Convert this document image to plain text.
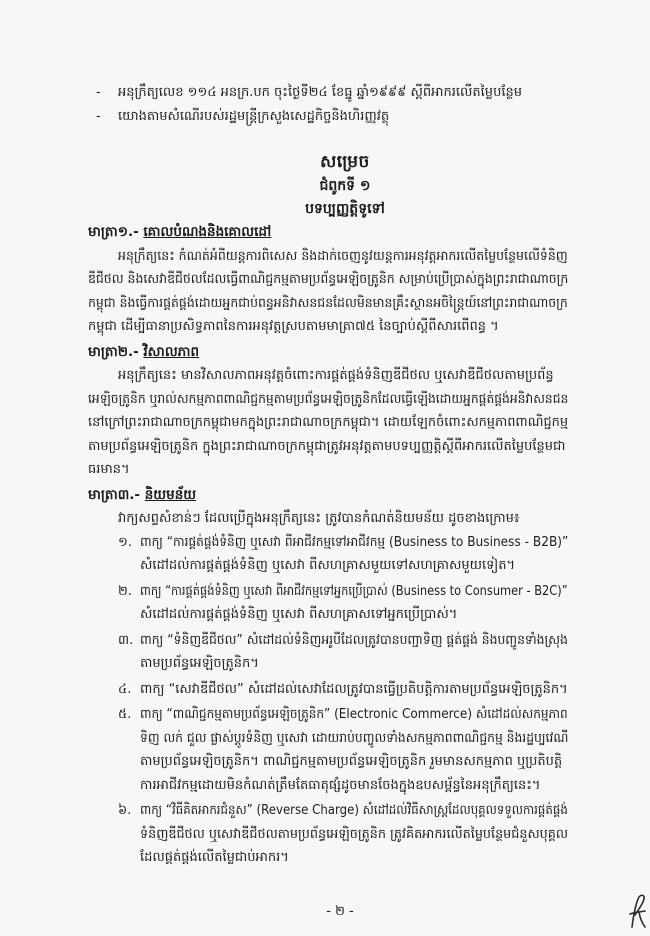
- អនុក្រឹត្យលេខ ១១៤ អនក្រ.បក ចុះថ្ងៃទី២៤ ខែធ្នូ ឆ្នាំ១៩៩៩ ស្តីពីអាករលើតម្លៃបន្ថែម
- យោងតាមសំណើរបស់រដ្ឋមន្ត្រីក្រសួងសេដ្ឋកិច្ចនិងហិរញ្ញវត្ថុ
សម្រេច
ជំពូកទី ១
បទប្បញ្ញត្តិទូទៅ
មាត្រា១.- គោលបំណងនិងគោលដៅ
អនុក្រឹត្យនេះ កំណត់អំពីយន្តការពិសេស និងដាក់ចេញនូវយន្តការអនុវត្តអាករលើតម្លៃបន្ថែមលើទំនិញ
ឌីជីថល និងសេវាឌីជីថលដែលធ្វើពាណិជ្ជកម្មតាមប្រព័ន្ធអេឡិចត្រូនិក សម្រាប់ប្រើប្រាស់ក្នុងព្រះរាជាណាចក្រ
កម្ពុជា និងធ្វើការផ្គត់ផ្គង់ដោយអ្នកជាប់ពន្ធអនិវាសនជនដែលមិនមានគ្រឹះស្ថានអចិន្ត្រៃយ៍នៅព្រះរាជាណាចក្រ
កម្ពុជា ដើម្បីធានាប្រសិទ្ធភាពនៃការអនុវត្តស្របតាមមាត្រា៧៥ នៃច្បាប់ស្តីពីសារពើពន្ធ ។
មាត្រា២.- វិសាលភាព
អនុក្រឹត្យនេះ មានវិសាលភាពអនុវត្តចំពោះការផ្គត់ផ្គង់ទំនិញឌីជីថល ឬសេវាឌីជីថលតាមប្រព័ន្ធ
អេឡិចត្រូនិក ឬរាល់សកម្មភាពពាណិជ្ជកម្មតាមប្រព័ន្ធអេឡិចត្រូនិកដែលធ្វើឡើងដោយអ្នកផ្គត់ផ្គង់អនិវាសនជន
នៅក្រៅព្រះរាជាណាចក្រកម្ពុជាមកក្នុងព្រះរាជាណាចក្រកម្ពុជា។ ដោយឡែកចំពោះសកម្មភាពពាណិជ្ជកម្ម
តាមប្រព័ន្ធអេឡិចត្រូនិក ក្នុងព្រះរាជាណាចក្រកម្ពុជាត្រូវអនុវត្តតាមបទប្បញ្ញត្តិស្តីពីអាករលើតម្លៃបន្ថែមជា
ធរមាន។
មាត្រា៣.- និយមន័យ
វាក្យសព្ទសំខាន់ៗ ដែលប្រើក្នុងអនុក្រឹត្យនេះ ត្រូវបានកំណត់និយមន័យ ដូចខាងក្រោម៖
១. ពាក្យ “ការផ្គត់ផ្គង់ទំនិញ ឬសេវា ពីអាជីវកម្មទៅអាជីវកម្ម (Business to Business - B2B)”
សំដៅដល់ការផ្គត់ផ្គង់ទំនិញ ឬសេវា ពីសហគ្រាសមួយទៅសហគ្រាសមួយទៀត។
២. ពាក្យ “ការផ្គត់ផ្គង់ទំនិញ ឬសេវា ពីអាជីវកម្មទៅអ្នកប្រើប្រាស់ (Business to Consumer - B2C)”
សំដៅដល់ការផ្គត់ផ្គង់ទំនិញ ឬសេវា ពីសហគ្រាសទៅអ្នកប្រើប្រាស់។
៣. ពាក្យ “ទំនិញឌីជីថល” សំដៅដល់ទំនិញអរូបីដែលត្រូវបានបញ្ជាទិញ ផ្គត់ផ្គង់ និងបញ្ជូនទាំងស្រុង
តាមប្រព័ន្ធអេឡិចត្រូនិក។
៤. ពាក្យ “សេវាឌីជីថល” សំដៅដល់សេវាដែលត្រូវបានធ្វើប្រតិបត្តិការតាមប្រព័ន្ធអេឡិចត្រូនិក។
៥. ពាក្យ “ពាណិជ្ជកម្មតាមប្រព័ន្ធអេឡិចត្រូនិក” (Electronic Commerce) សំដៅដល់សកម្មភាព
ទិញ លក់ ជួល ផ្លាស់ប្តូរទំនិញ ឬសេវា ដោយរាប់បញ្ចូលទាំងសកម្មភាពពាណិជ្ជកម្ម និងរដ្ឋប្បវេណី
តាមប្រព័ន្ធអេឡិចត្រូនិក។ ពាណិជ្ជកម្មតាមប្រព័ន្ធអេឡិចត្រូនិក រួមមានសកម្មភាព ឬប្រតិបត្តិ
ការអាជីវកម្មដោយមិនកំណត់ត្រឹមតែធាតុផ្សំដូចមានចែងក្នុងឧបសម្ព័ន្ធនៃអនុក្រឹត្យនេះ។
៦. ពាក្យ “វិធីគិតអាករជំនួស” (Reverse Charge) សំដៅដល់វិធីសាស្ត្រដែលបុគ្គលទទួលការផ្គត់ផ្គង់
ទំនិញឌីជីថល ឬសេវាឌីជីថលតាមប្រព័ន្ធអេឡិចត្រូនិក ត្រូវគិតអាករលើតម្លៃបន្ថែមជំនួសបុគ្គល
ដែលផ្គត់ផ្គង់លើតម្លៃជាប់អាករ។
- ២ -
